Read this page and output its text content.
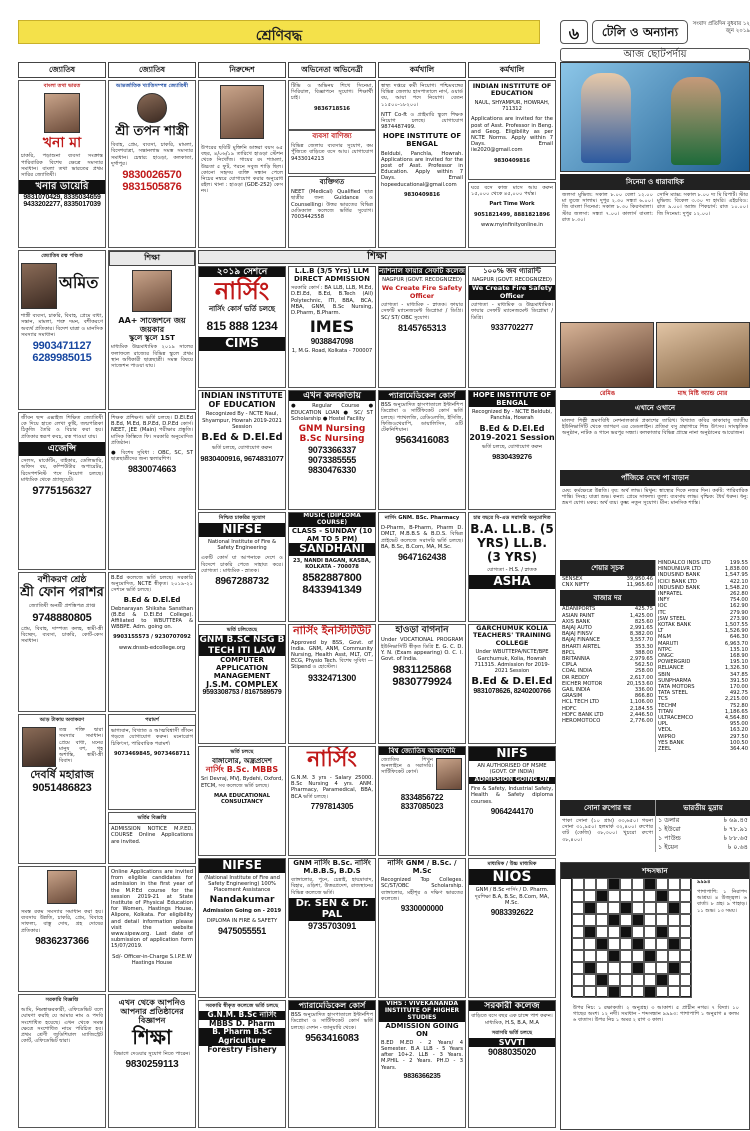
শ্রেণিবদ্ধ	৬	টেলি ও অন্যান্য
সংবাদ প্রতিদিন বুধবার ১২ জুন ২০১৯
জ্যোতিষ	জ্যোতিষ	নিরুদ্দেশ	অভিনেতা অভিনেত্রী	কর্মখালি	কর্মখালি
বাংলা তথা ভারত
খনা মা
চাকরি, পড়াশুনা ব্যবসা সংক্রান্ত পারিবারিক বিশেষ ক্ষেত্রে সমস্যার সমাধান। বাংলা তথা ভারতের প্রথম সারির জ্যোতিষী।
খনার ডায়েরি
9831070429, 8335034659
9433202277, 8335017039
জ্যোতিষ রত্ন পণ্ডিত
অমিত
শাস্ত্রী ব্যবসা, চাকরি, বিবাহ, প্রেমে বাধা, সন্তান, মামলা, শত্রু দমন, বশীকরণে অব্যর্থ প্রতিকার। বিদেশ যাত্রা ও মানসিক সমস্যার সমাধান।
9903471127
6289985015
জীবন ছন্দ এক্সাইজ শিক্ষিত জ্যোতিষী কে দিয়ে হাতে লেখা কুষ্টি, জন্মপত্রিকা ঠিকুজি তৈরি ও বিচার করা হয়। প্রতিকার স্বরূপ কবচ, রত্ন পাওয়া যায়।
এজেন্সি
সেলস, মার্কেটিং, বাইকার, ডেলিভারি, অফিস বয়, কম্পিউটার অপারেটর, রিসেপশনিস্ট পদে নিয়োগ চলছে। মাধ্যমিক থেকে গ্র্যাজুয়েট।
9775156327
বশীকরণ শ্রেষ্ঠ
শ্রী ফোন পরাশর
জ্যোতিষী অনশ্রী প্রশস্তিপত্র প্রাপ্ত
9748880805
প্রেম, বিবাহ, দাম্পত্য কলহ, স্বামী-স্ত্রী বিচ্ছেদ, ব্যবসা, চাকরি, কোর্ট-কেস সমাধান।
আড় টাকায় অবাকরণ
তন্ত্র শক্তি দ্বারা সমস্যার সমাধান। প্রেমে বাধা, মনের মানুষ বশ, গৃহ অশান্তি, স্বামী-স্ত্রী বিবাদ।
দেবর্ষি মহারাজ
9051486823
সমস্ত রকম সমস্যার সমাধান করা হয়। ব্যবসায় উন্নতি, চাকরি, প্রেম, বিবাহে সাফল্য, বাস্তু দোষ, গ্রহ দোষের প্রতিকার।
9836237366
সরকারি বিজ্ঞপ্তি
আমি, নিম্নস্বাক্ষরকারী, এফিডেভিট বলে ঘোষণা করছি যে আমার নাম ও পদবি সংশোধিত হয়েছে। এখন থেকে সমস্ত ক্ষেত্রে সংশোধিত নামে পরিচিত হব। প্রথম শ্রেণী জুডিশিয়াল ম্যাজিস্ট্রেট কোর্ট, এফিডেভিট দ্বারা।
আন্তর্জাতিক খ্যাতিসম্পন্ন জ্যোতিষী
শ্রী তপন শাস্ত্রী
বিবাহ, প্রেম, ব্যবসা, চাকরি, মামলা, বিদেশযাত্রা, সন্তানলাভ সমস্ত সমস্যার সমাধান। চেম্বার: হাওড়া, কলকাতা, দুর্গাপুর।
9830026570
9831505876
শিক্ষা
AA+ সাজেশনে জয় জয়কার
স্কুলে স্কুলে 1ST
মাধ্যমিক উচ্চমাধ্যমিক ২০১৯ সালের ফলাফলে রাজ্যের বিভিন্ন স্কুলে প্রথম স্থান অধিকারী ছাত্রছাত্রী। সমস্ত বিষয়ে সাজেশন পাওয়া যায়।
শিক্ষক প্রশিক্ষণ। ভর্তি চলছে। D.El.Ed B.Ed, M.Ed, B.P.Ed, D.P.Ed কোর্স। NEET, JEE (Main) পরীক্ষার প্রস্তুতি। মাসিক কিস্তিতে ফি। সরকারি অনুমোদিত প্রতিষ্ঠান।
● বিশেষ সুবিধা : OBC, SC, ST ছাত্রছাত্রীদের জন্য স্কলারশিপ।
9830074663
B.Ed কলেজে ভর্তি চলছে। সরকারি অনুমোদিত, NCTE স্বীকৃত। ২০১৯-২১ সেশনে ভর্তি চলছে।
B.Ed & D.El.Ed
Debnarayan Shiksha Sansthan (B.Ed & D.El.Ed College). Affiliated to WBUTTEPA & WBBPE. Adm. going on.
9903155573 / 9230707092
www.dnssb-edcollege.org
পরামর্শ
ভাগ্যবান, বিখ্যাত ও আত্মবিশ্বাসী জীবন গড়তে যোগাযোগ করুন। মনোরোগ চিকিৎসা, পারিবারিক পরামর্শ।
9073469845, 9073468711
ভর্তির বিজ্ঞপ্তি
ADMISSION NOTICE M.P.ED. COURSE Online Applications are invited.
Online Applications are invited from eligible candidates for admission in the first year of the M.P.Ed course for the session 2019-21 at State Institute of Physical Education for Women, Hastings House, Alipore, Kolkata. For eligibility and detail information please visit the website www.sipew.org. Last date of submission of application form 15/07/2019.
Sd/- Officer-in-Charge S.I.P.E.W Hastings House
এখন থেকে আপনিও আপনার প্রতিষ্ঠানের বিজ্ঞাপন
শিক্ষা
বিভাগে দেওয়ার সুযোগ নিতে পারেন।
9830259113
উপরের ছবিটি মুক্তিনি ডাঙ্গরা বয়স ৬৫ বছর, ৪/০৬/১৯ তারিখে হাওড়া স্টেশন থেকে নিখোঁজ। গায়ের রং শ্যামলা, উচ্চতা ৫ ফুট, পরনে সবুজ শাড়ি ছিল। কোনো সহৃদয় ব্যক্তি সন্ধান পেলে নিচের নম্বরে যোগাযোগ করার অনুরোধ রইল। থানা : হাওড়া (GDE-252) কেস নং।
টিভি ও অভিনয় শিখে সিনেমা, সিরিয়াল, বিজ্ঞাপনে সুযোগ। শিক্ষার্থী চাই।
9836718516
ব্যবসা বাণিজ্য
বিভিন্ন জেলায় ব্যবসার সুযোগ, কম পুঁজিতে বাড়িতে বসে আয়। যোগাযোগ 9433014213
ব্যক্তিগত
NEET (Medical) Qualified ছাত্র ছাত্রীর জন্য Guidance ও Counselling। উত্তর ভারতের বিভিন্ন মেডিক্যাল কলেজে ভর্তির সুযোগ। 7003442558
স্বাস্থ্য দপ্তরে কর্মী নিয়োগ। পশ্চিমবঙ্গের বিভিন্ন জেলায় হাসপাতালে নার্স, ওয়ার্ড বয়, আয়া পদে নিয়োগ। বেতন ১১৫০০-১৮২০০।
NTT Co-ft ও প্রাইমারি স্কুলে শিক্ষক নিয়োগ চলছে। যোগাযোগ 9874487499.
HOPE INSTITUTE OF BENGAL
Beldubi, Panchla, Howrah. Applications are invited for the post of Asst. Professor in Education. Apply within 7 Days. Email hopeeducational@gmail.com
9830409816
INDIAN INSTITUTE OF EDUCATION
NAUL, SHYAMPUR, HOWRAH, 711312
Applications are invited for the post of Asst. Professor in Beng. and Geog. Eligibility as per NCTE Norms. Apply within 7 Days. Email iie2020@gmail.com
9830409816
ঘরে বসে কাজ মাসে আয় করুন ১৫,০০০ থেকে ৪৫,০০০ পর্যন্ত।
Part Time Work
9051821499, 8881821896
www.myinfinityonline.in
শিক্ষা
২০১৯ সেশনে
নার্সিং
নার্সিং কোর্স ভর্তি চলছে
815 888 1234
CIMS
L.L.B (3/5 Yrs) LLM DIRECT ADMISSION
সরকারি কোর্স : BA LLB, LLB, M.Ed, D.El.Ed, B.Ed, B.Tech (All) Polytechnic, ITI, BBA, BCA, MBA, GNM, B.Sc Nursing, D.Pharm, B.Pharm.
IMES
9038847098
1, M.G. Road, Kolkata - 700007
ন্যাশনাল ফায়ার সেফটি কলেজ
NAGPUR (GOVT. RECOGNIZED)
We Create Fire Safety Officer
যোগ্যতা - মাধ্যমিক - স্নাতক। ফায়ার সেফটি ম্যানেজমেন্ট ডিপ্লোমা / ডিগ্রি। SC/ ST/ OBC সুযোগ।
8145765313
১০০% জব গ্যারান্টি
NAGPUR (GOVT. RECOGNIZED)
We Create Fire Safety Officer
যোগ্যতা - মাধ্যমিক ও উচ্চমাধ্যমিক। ফায়ার সেফটি ম্যানেজমেন্ট ডিপ্লোমা / ডিগ্রি।
9337702277
INDIAN INSTITUTE OF EDUCATION
Recognized By - NCTE Naul, Shyampur, Howrah 2019-2021 Session
B.Ed & D.El.Ed
ভর্তি চলছে, যোগাযোগ করুন
9830400916, 9674831077
এখন কলকাতায়
● Regular Course ● EDUCATION LOAN ● SC/ ST Scholarship ● Hostel Facility
GNM Nursing B.Sc Nursing
9073366337
9073385555
9830476330
প্যারামেডিকেল কোর্স
BSS অনুমোদিত হাসপাতালে ইন্টার্নশিপ ডিপ্লোমা ও সার্টিফিকেট কোর্স ভর্তি চলছে। প্যাথলজি, রেডিওলজি, ইসিজি, ফিজিওথেরাপি, ডায়ালিসিস, ওটি টেকনিশিয়ান।
9563416083
HOPE INSTITUTE OF BENGAL
Recognized By - NCTE Beldubi, Panchla, Howrah
B.Ed & D.El.Ed 2019-2021 Session
ভর্তি চলছে, যোগাযোগ করুন
9830439276
নিশ্চিত চাকরির সুযোগ
NIFSE
National Institute of Fire & Safety Engineering
একটি কোর্স যা আপনাকে দেশে ও বিদেশে চাকরি পেতে সাহায্য করে। যোগ্যতা : মাধ্যমিক - স্নাতক।
8967288732
MUSIC (DIPLOMA COURSE)
CLASS - SUNDAY (10 AM TO 5 PM)
SANDHANI
23, NANDI BAGAN, KASBA, KOLKATA - 700078
8582887800
8433941349
নার্সিং GNM. BSc. Pharmacy
D-Pharm, B-Pharm, Pharm D. DMLT, M.B.B.S & B.D.S. বিভিন্ন প্রাইভেট কলেজে সরাসরি ভর্তি চলছে। BA, B.Sc, B.Com, MA, M.Sc.
9647162438
চার বছরে বি-এড সরাসরি অনুমোদিত
B.A. LL.B. (5 YRS) LL.B. (3 YRS)
যোগ্যতা - H.S. / স্নাতক
ASHA
ভর্তি চলিতেছে
GNM B.SC NSG B TECH ITI LAW
COMPUTER APPLICATION MANAGEMENT
J.S.M. COMPLEX
9593308753 / 8167589579
নার্সিং ইনস্টিটিউট
Approved by BSS, Govt. of India. GNM, ANM, Community Nursing, Health Asst, MLT, OT, ECG, Physio Tech. বিশেষ সুবিধা — Stipend ও হোস্টেল।
9332471300
হাওড়া বাগনান
Under VOCATIONAL PROGRAM ইউনিভার্সিটি স্বীকৃত ডিগ্রি E. G. C. D. Y. N. (Exam appearing) O. C. I. Govt. of India.
9831125868
9830779924
GARCHUMUK KOLIA TEACHERS' TRAINING COLLEGE
Under WBUTTEPA/NCTE/BPE Garchumuk, Kolia, Howrah 711315. Admission for 2019-2021 Session
B.Ed & D.El.Ed
9831078626, 8240200766
ভর্তি চলছে
বাঙ্গালোর, অন্ধ্রপ্রদেশ
নার্সিং B.Sc. MBBS
Sri Devraj, MVJ, Bydehi, Oxford, ETCM, সব কলেজে ভর্তি চলছে।
MAA EDUCATIONAL CONSULTANCY
নার্সিং
G.N.M. 3 yrs - Salary 25000. B.Sc Nursing 4 yrs. ANM. Pharmacy, Paramedical, BBA, BCA ভর্তি চলছে।
7797814305
বিশ্ব জ্যোতিষ আকাদেমি
জ্যোতিষ শিখুন অনলাইনে ও সরাসরি। সার্টিফিকেট কোর্স।
8334856722
8337085023
NIFS
AN AUTHORISED OF MSME (GOVT. OF INDIA)
ADMISSION GOING ON
Fire & Safety, Industrial Safety, Health & Safety diploma courses.
9064244170
NIFSE
(National Institute of Fire and Safety Engineering) 100% Placement Assistance
Nandakumar
Admission Going on - 2019
DIPLOMA IN FIRE & SAFETY
9475055551
GNM নার্সিং B.Sc. নার্সিং M.B.B.S, B.D.S
ব্যাঙ্গালোর, পুনে, চেন্নাই, হায়দ্রাবাদ, বিহার, ওড়িশা, উত্তরপ্রদেশ, রাজস্থানের বিভিন্ন কলেজে ভর্তি।
Dr. SEN & Dr. PAL
9735703091
নার্সিং GNM / B.Sc. / M.Sc
Recognized Top Colleges. SC/ST/OBC Scholarship. ব্যাঙ্গালোর, মহীশূর ও দক্ষিণ ভারতের কলেজে।
9330000000
মাধ্যমিক / উচ্চ মাধ্যমিক
NIOS
GNM / B.Sc নার্সিং / D. Pharm. দূরশিক্ষা B.A, B.Sc, B.Com, MA, M.Sc.
9083392622
সরকারি স্বীকৃত কলেজে ভর্তি চলছে
G.N.M. B.Sc নার্সিং
MBBS D. Pharm
B. Pharm B.Sc Agriculture
Forestry Fishery
প্যারামেডিকেল কোর্স
BSS অনুমোদিত হাসপাতালে ইন্টার্নশিপ ডিপ্লোমা ও সার্টিফিকেট কোর্স ভর্তি চলছে। সেশন - জানুয়ারি থেকে।
9563416083
VIHS : VIVEKANANDA INSTITUTE OF HIGHER STUDIES
ADMISSION GOING ON
B.ED M.ED - 2 Years/ 4 Semester. B.A LLB - 5 Years after 10+2. LLB - 3 Years. M.PHIL - 2 Years. PH.D - 3 Years.
9836366235
সরকারী কলেজ
বাড়িতে বসে বছর এক চান্সে পাশ করুন। মাধ্যমিক, H.S, B.A, M.A
সরাসরি ভর্তি চলছে
SVVTI
9088035020
আজ ছোটপর্দায়
সিনেমা ও ধারাবাহিক
জলসা মুভিজ: সকাল ৮.০০ বেলা ১২.০০ মা তুজে সালাম। দুপুর ২.৩০ সন্ধ্যা ৬.০০। জি বাংলা সিনেমা: সকাল ৮.৩০ কিরণমালা। স্টার জলসা: সন্ধ্যা ৭.০০। কালার্স বাংলা: রাত ৮.৩০।
সোনি ম্যাক্স: সকাল ৮.০০ দ্য মি রিপার্ট। স্টার মুভিজ: বিকেল ৩.৩০ দ্য হাংরি। এইচবিও: রাত ৯.০০। অ্যান্ড পিকচার্স: রাত ১০.০০। জি সিনেমা: দুপুর ১২.০০।
রেমিঙ	মাছ মিষ্টি অ্যান্ড মোর
এখানে ওখানে
মালদা শিল্পী ভ্রমণবিধি নেশনালকার্ড প্রকাশের তারিখ। বিখ্যাত কবির কাকাবাবু জাতীয় ইউনিভার্সিটি থেকে জাগরণ এর ডেডলাইন। প্রতিমা বসু গ্রন্থাগারে শিশু উৎসব। সাংস্কৃতিক অনুষ্ঠান, নাটক ও গানে ভরপুর সন্ধ্যা। কলকাতার বিভিন্ন প্রান্তে নানা অনুষ্ঠানের আয়োজন।
পাঁজিকে দেখে পা বাড়ান
মেষ: কর্মক্ষেত্রে উন্নতি। বৃষ: অর্থ লাভ। মিথুন: স্বাস্থ্যের দিকে নজর দিন। কর্কট: পারিবারিক শান্তি। সিংহ: যাত্রা শুভ। কন্যা: প্রেমে সাফল্য। তুলা: ব্যবসায় লাভ। বৃশ্চিক: ধৈর্য ধরুন। ধনু: ভ্রমণ যোগ। মকর: অর্থ ব্যয়। কুম্ভ: নতুন সুযোগ। মীন: মানসিক শান্তি।
শেয়ার সূচক
SENSEX	39,950.46
CNX NIFTY	11,965.60
বাজার দর
ADANIPORTS	425.75
ASIAN PAINT	1,425.00
AXIS BANK	825.60
BAJAJ AUTO	2,991.65
BAJAJ FINSV	8,382.00
BAJAJ FINANCE	3,557.70
BHARTI AIRTEL	353.30
BPCL	388.00
BRITANNIA	2,979.65
CIPLA	562.50
COAL INDIA	258.00
DR REDDY	2,617.00
EICHER MOTOR	20,153.60
GAIL INDIA	336.00
GRASIM	866.80
HCL TECH LTD	1,106.00
HDFC	2,184.55
HDFC BANK LTD	2,446.50
HEROMOTOCO	2,776.00
HINDALCO INDS LTD	199.55
HINDUNILVR LTD	1,838.00
INDUSIND BANK	1,547.95
ICICI BANK LTD	422.10
INDUSIND BANK	1,548.20
INFRATEL	262.80
INFY	754.00
IOC	162.90
ITC	279.90
JSW STEEL	273.90
KOTAK BANK	1,507.55
LT	1,526.90
M&M	646.30
MARUTI	6,963.70
NTPC	135.10
ONGC	168.90
POWERGRID	195.10
RELIANCE	1,326.30
SBIN	347.85
SUNPHARMA	391.50
TATA MOTORS	170.00
TATA STEEL	492.75
TCS	2,215.00
TECHM	752.80
TITAN	1,186.65
ULTRACEMCO	4,564.80
UPL	955.00
VEDL	163.20
WIPRO	297.50
YES BANK	100.50
ZEEL	364.40
সোনা রুপোর দর
পাকা সোনা (১০ গ্রাম) ৩৩,৬৫০। গয়না সোনা ৩১,৯৫০। হলমার্ক ৩২,৪০০। রুপোর বাট (কেজি) ৩৮,৩০০। খুচরো রুপো ৩৮,৪০০।
ভারতীয় মুদ্রায়
১ ডলার	৳ ৬৯.৪৫
১ ইউরো	৳ ৭৮.৯১
১ পাউন্ড	৳ ৮৮.৬৫
১ ইয়েন	৳ ০.৬৪
শব্দসন্ধান
৯৯৯৪
পাশাপাশি: ১ নিরাপদ আশ্রয়। ৪ উজ্জ্বল। ৬ বার্তা। ৮ গ্রহ। ৯ পাহাড়। ১১ শুভ। ১৩ সময়।
উপর নিচ: ১ রক্ষাকর্তা। ২ অনুগ্রহ। ৩ আকাশ। ৫ প্রাচীন নগর। ৭ বিদ্যা। ১০ গাছের অংশ। ১২ নদী। সমাধান - শব্দসন্ধান ৯৯৯৩: পাশাপাশি ১ অনুরাগ ৪ কলম ৬ বাতাস। উপর নিচ ১ অমর ২ রাগ ৩ কাল।
